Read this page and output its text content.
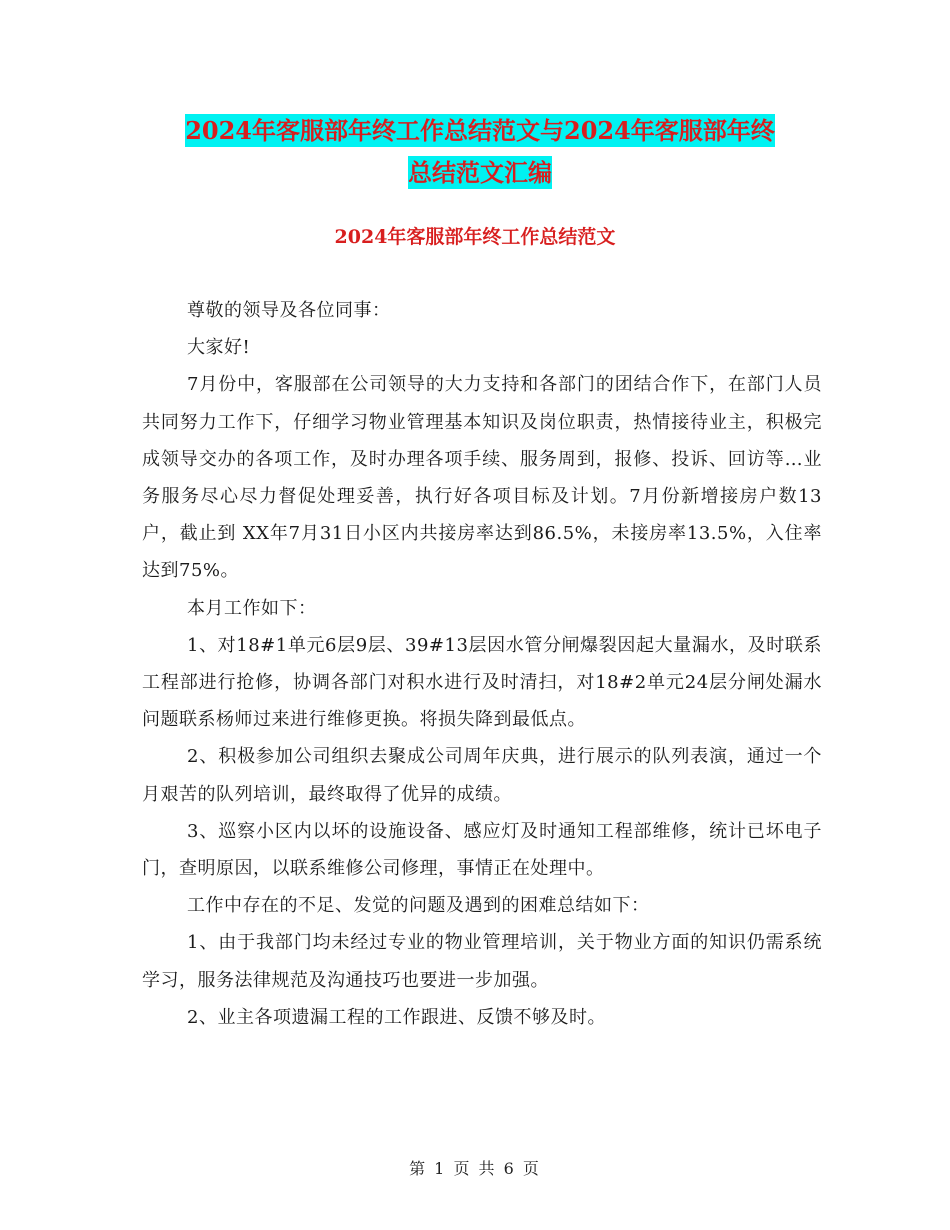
2024年客服部年终工作总结范文与2024年客服部年终
总结范文汇编
2024年客服部年终工作总结范文

尊敬的领导及各位同事：

大家好!

7月份中，客服部在公司领导的大力支持和各部门的团结合作下，在部门人员共同努力工作下，仔细学习物业管理基本知识及岗位职责，热情接待业主，积极完成领导交办的各项工作，及时办理各项手续、服务周到，报修、投诉、回访等…业务服务尽心尽力督促处理妥善，执行好各项目标及计划。7月份新增接房户数13户，截止到 XX年7月31日小区内共接房率达到86.5%，未接房率13.5%，入住率达到75%。

本月工作如下：

1、对18#1单元6层9层、39#13层因水管分闸爆裂因起大量漏水，及时联系工程部进行抢修，协调各部门对积水进行及时清扫，对18#2单元24层分闸处漏水问题联系杨师过来进行维修更换。将损失降到最低点。

2、积极参加公司组织去聚成公司周年庆典，进行展示的队列表演，通过一个月艰苦的队列培训，最终取得了优异的成绩。

3、巡察小区内以坏的设施设备、感应灯及时通知工程部维修，统计已坏电子门，查明原因，以联系维修公司修理，事情正在处理中。

工作中存在的不足、发觉的问题及遇到的困难总结如下：

1、由于我部门均未经过专业的物业管理培训，关于物业方面的知识仍需系统学习，服务法律规范及沟通技巧也要进一步加强。

2、业主各项遗漏工程的工作跟进、反馈不够及时。

第 1 页 共 6 页
